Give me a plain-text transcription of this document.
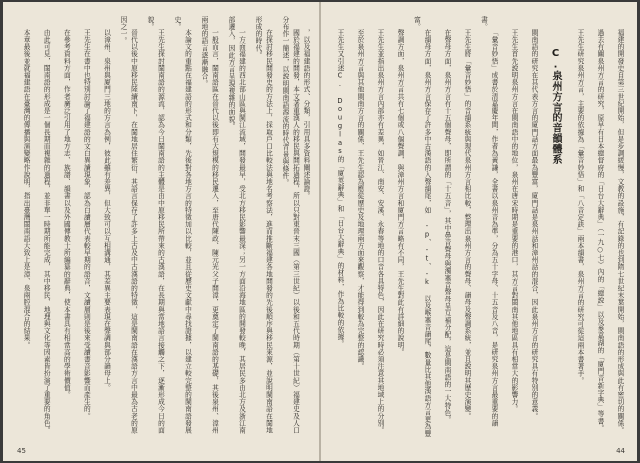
，以及福建語的形式、分類，引用具多資料闡述論證。

國於福建的開發，本文著重漢人的移民與開拓過程，所以只對東晉末三國（第三世紀）以後和五代時期（第十世紀）福建史及人口分布作一簡述，以說明閩南語源流的時代背景與條件。

在探討移民開發史的方法上，採取戶口比較法與地名考察法，進而推斷福建各地開發的先後順序與移民來源，並說明閩南語在閩地形成的時代。

一方面福建的西北部山區與閩江流域，開發最早，受北方移民影響最深；另一方面沿海地區的開發較晚，其居民多由北方及浙江南部遷入，因此方言呈現複雜的面貌。

一般而言，閩南語區在晉代以後即有大規模的移民遷入，至唐代陳政、陳元光父子開漳，更奠定了閩南語的基礎，其後泉州、漳州兩地的語言逐漸融合。

本論文的重點在福建語的形式和分類，先後對各地方言的特徵加以比較，並且從歷史文獻中尋找證據，以建立較完整的閩南語發展史。

王先生探討閩南語的源流，認為今日閩南語的主體是由中原移民所帶來的古漢語，在長期與當地語言接觸之下，逐漸形成今日的面貌。

晉代以後中原移民陸續南下，在閩地居住繁衍，其語言保存了許多上古及中古漢語的特徵，這是閩南語在漢語方言中最為古老的原因之一。

以漳州、泉州與廈門三地的方言為例，彼此雖有差異，但大致可以互相溝通，其差異主要表現在聲調與部分韻母上。

王先生在書中也特別討論了福建語的文白異讀現象，認為白讀層代表較早期的語音，文讀層則是後來受讀書音影響而產生的。

在參考資料方面，作者廣泛引用了地方志、族譜、韻書以及外國傳教士所編纂的辭典，使本書具有相當高的學術價值。

由此可見，閩南語的形成是一個長期而複雜的過程，並非單一時期所能完成，其中移民、地理與文化等因素皆扮演了重要的角色。

本章最後並就福建語在臺灣的傳播與演變略作說明，指出臺灣閩南語大致上是漳、泉兩腔混合的結果。

45

福建的開發史自第三世紀開始，但是步調緩慢，文教的設施，有記錄的也到隋七世紀末葉開始，閩南語的形成與此有密切的關係。

過去有關泉州方言的研究，原早有日本總督府的「日台大辭典」（一九○七）內的「總說」以及麥嘉湖的「廈門音新字典」等書。

王先生研究泉州方言，主要的依據為「彙音妙悟」和「八音定訣」兩本韻書，泉州方言的研究可從這兩本書著手。

C.泉州方言的音韻體系

閩南語的研究在其代表方言的廈門話方面最為豐富，廈門話是泉州話和漳州話的混合，因此泉州方言的研究具有特別的意義。

王先生首先說明泉州方言在閩南語中的地位，泉州在唐宋時期是重要的港口，其方言對閩南其他地區具有相當大的影響力。

「彙音妙悟」成書於清嘉慶年間，作者為黃謙，全書以泉州音為準，分為五十字母、十五音及八音，是研究泉州方言最重要的韻書。

王先生將「彙音妙悟」的音韻系統與現代泉州方言相比較，整理出泉州方言的聲母、韻母及聲調系統，並且說明其歷史演變。

在聲母方面，泉州方言有十五個聲母，即所謂的「十五音」，其中鼻音聲母與濁塞音聲母呈互補分配，這是閩南語的一大特色。

在韻母方面，泉州方言保存了許多中古漢語的入聲韻尾，如 -p、-t、-k 以及喉塞音韻尾，數量比其他漢語方言更為豐富。

聲調方面，泉州方言共有七個或八個聲調，與漳州方言和廈門方言略有不同，王先生對此有詳細的說明。

王先生並指出泉州方言內部亦有差異，如晉江、南安、安溪、永春等地的口音各具特色，因此在研究時必須注意其地域上的分別。

至於泉州方言與其他閩南方言的關係，王先生認為應從歷史及地理兩方面來觀察，才能得到較為完整的認識。

王先生又引述C. Douglas的「廈英辭典」和「日台大辭典」的材料，作為比較的依據。

44
